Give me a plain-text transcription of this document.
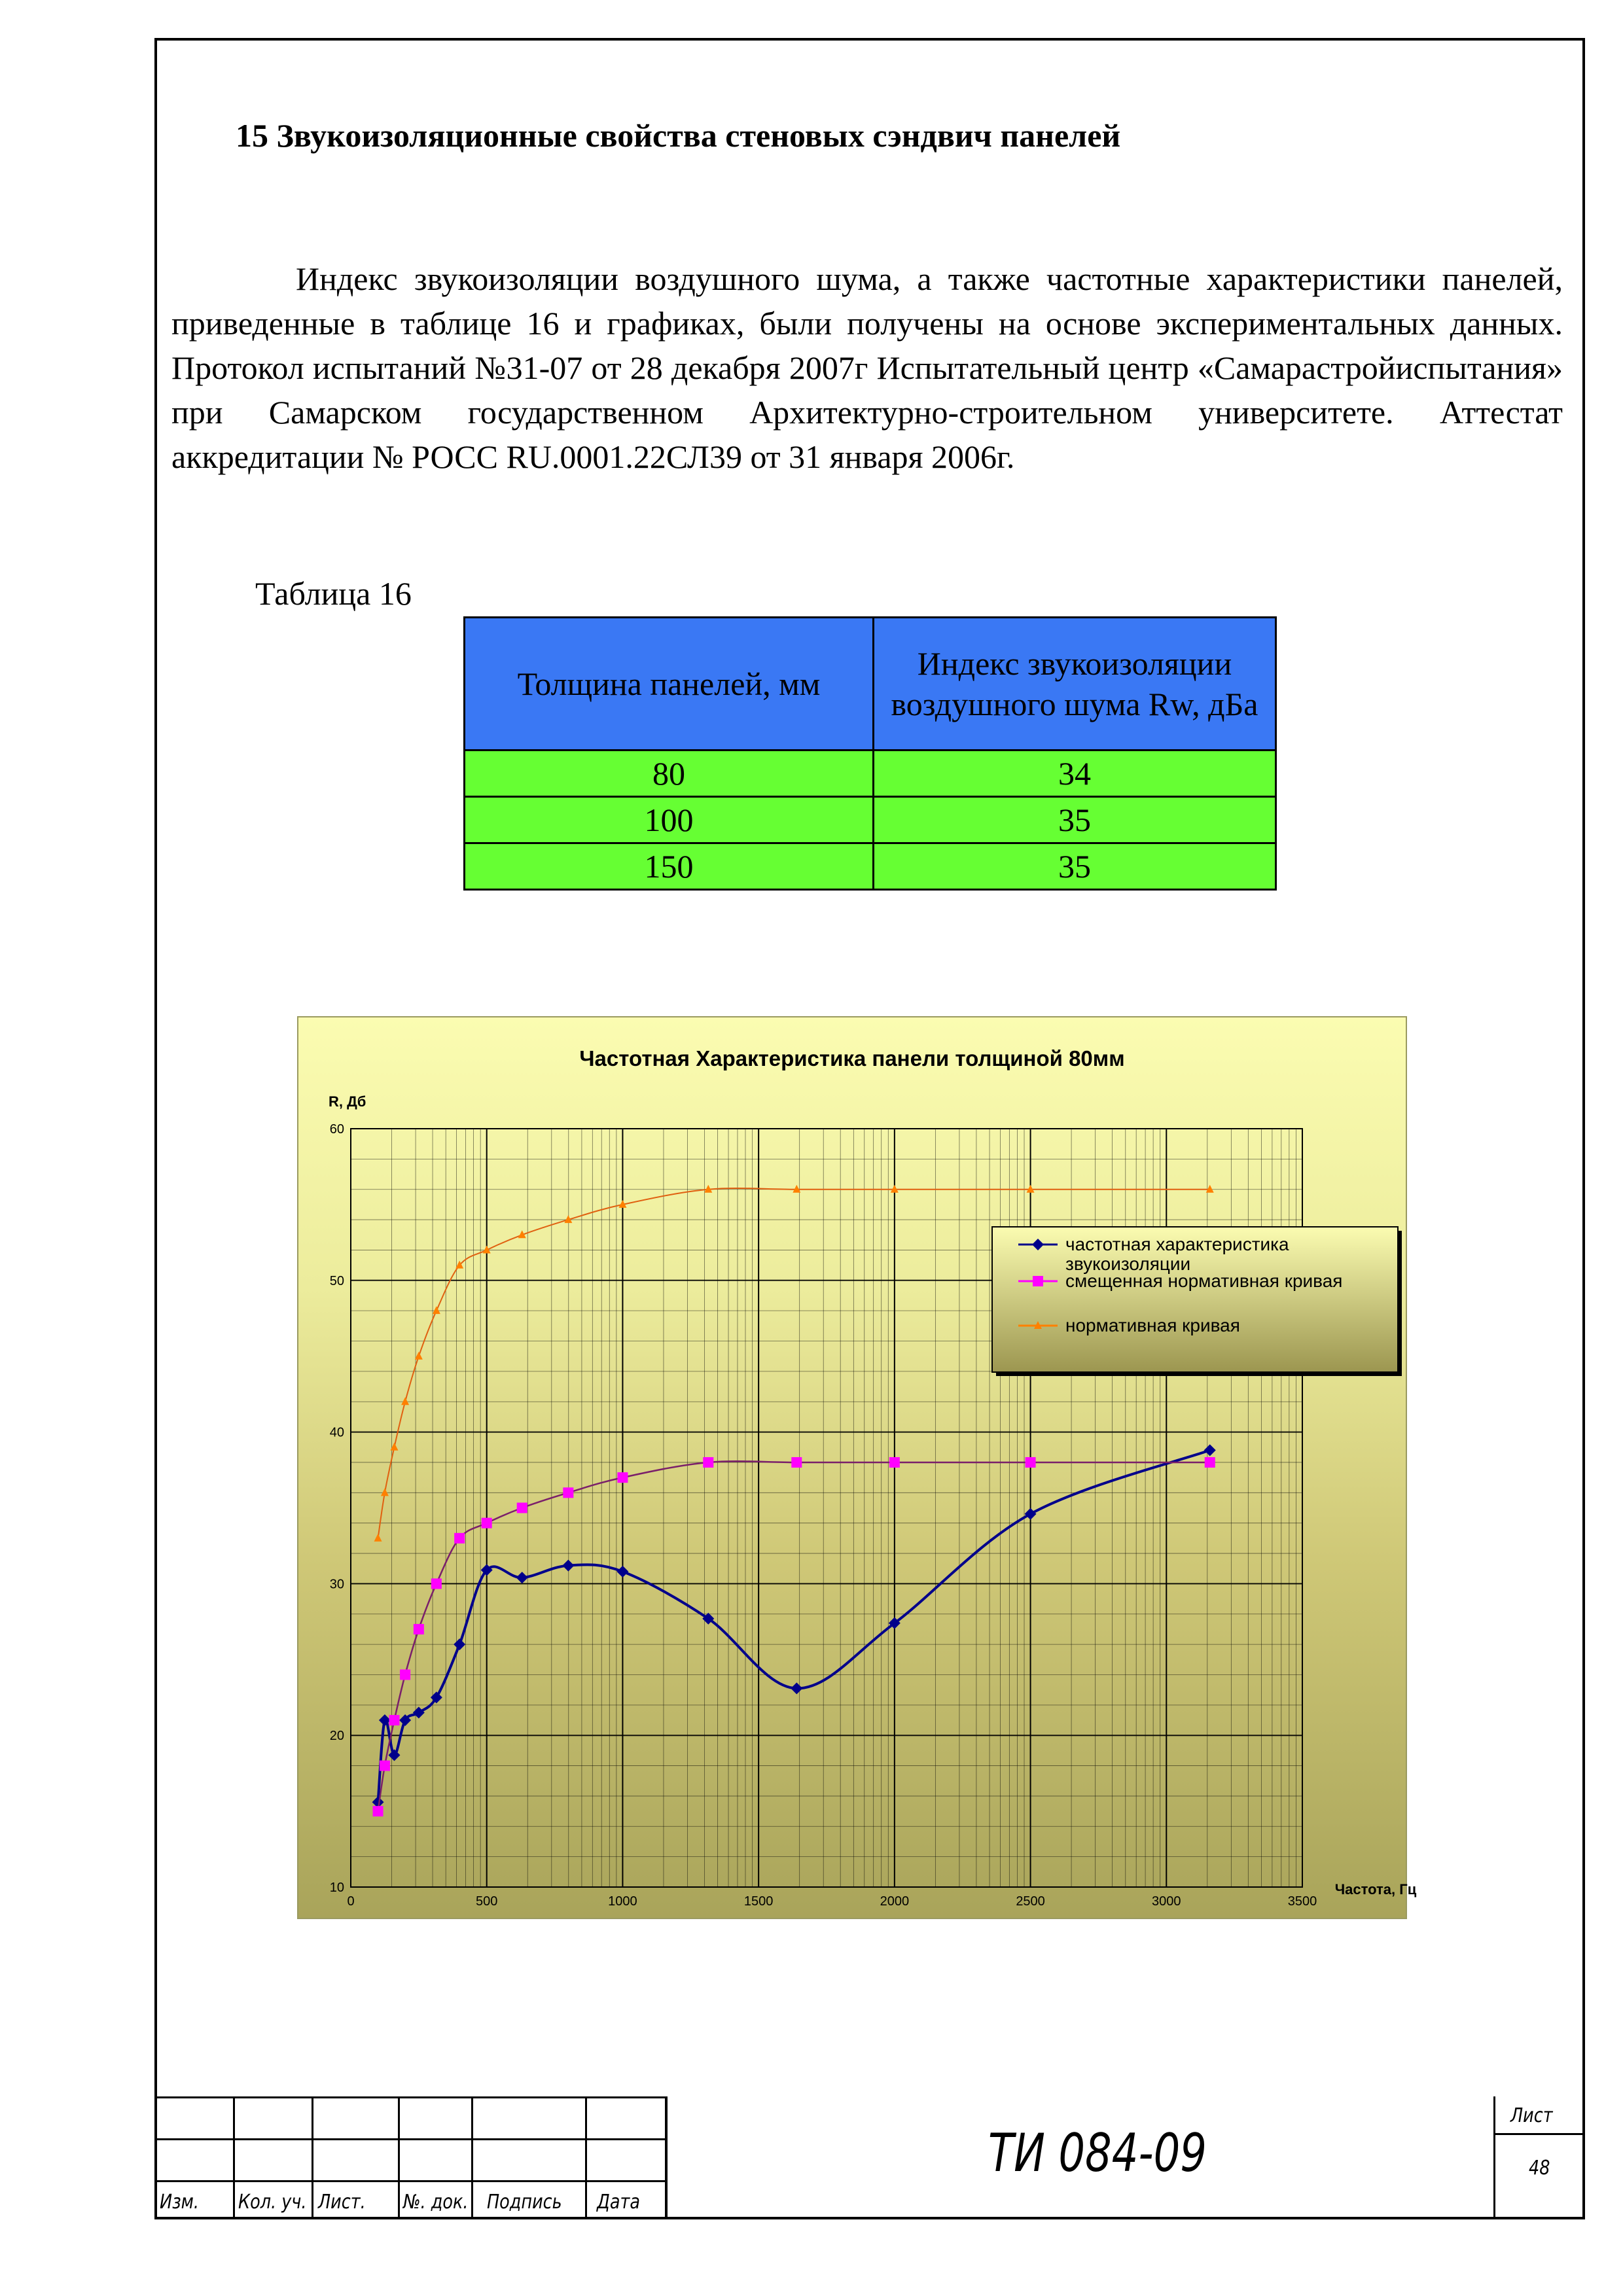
15 Звукоизоляционные свойства стеновых сэндвич панелей
Индекс звукоизоляции воздушного шума, а также частотные характеристики панелей, приведенные в таблице 16 и графиках, были получены на основе экспериментальных данных. Протокол испытаний №31-07 от 28 декабря 2007г Испытательный центр «Самарастройиспытания» при Самарском государственном Архитектурно-строительном университете. Аттестат аккредитации № РОСС RU.0001.22СЛ39 от 31 января 2006г.
Таблица 16
Толщина панелей, мм	Индекс звукоизоляции воздушного шума Rw, дБа
80	34
100	35
150	35
Частотная Характеристика панели толщиной 80мм
R, Дб
Частота, Гц
0	500	1000	1500	2000	2500	3000	3500
10
20
30
40
50
60
частотная характеристика звукоизоляции
смещенная нормативная кривая
нормативная кривая
Изм. Кол. уч. Лист. №. док. Подпись Дата
Лист
48
ТИ 084-09
